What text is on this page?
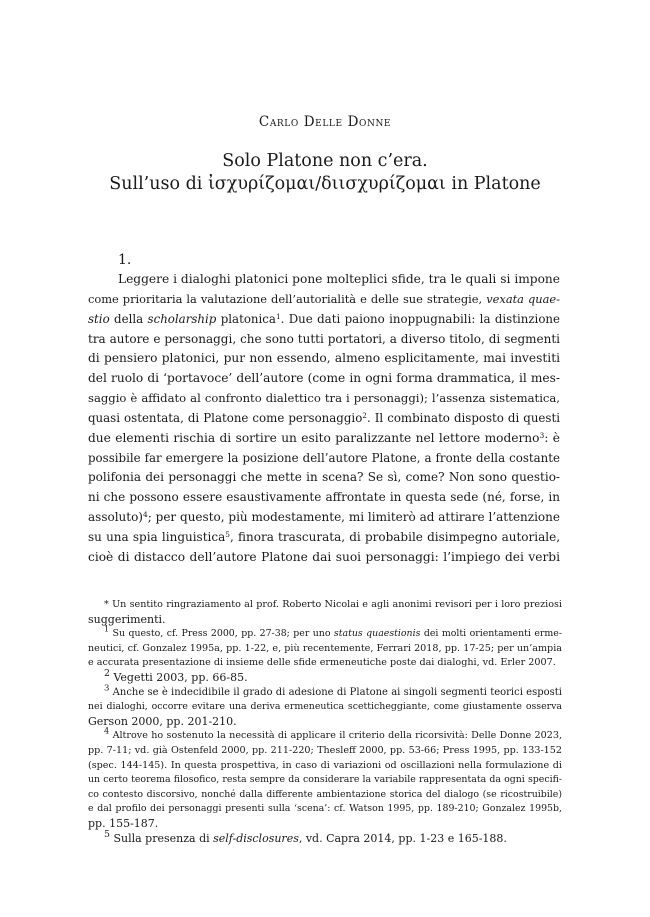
Carlo Delle Donne
Solo Platone non c’era.
Sull’uso di ἰσχυρίζομαι/διισχυρίζομαι in Platone
1.
Leggere i dialoghi platonici pone molteplici sfide, tra le quali si impone
come prioritaria la valutazione dell’autorialità e delle sue strategie, vexata quae-
stio della scholarship platonica$^1$. Due dati paiono inoppugnabili: la distinzione
tra autore e personaggi, che sono tutti portatori, a diverso titolo, di segmenti
di pensiero platonici, pur non essendo, almeno esplicitamente, mai investiti
del ruolo di ‘portavoce’ dell’autore (come in ogni forma drammatica, il mes-
saggio è affidato al confronto dialettico tra i personaggi); l’assenza sistematica,
quasi ostentata, di Platone come personaggio$^2$. Il combinato disposto di questi
due elementi rischia di sortire un esito paralizzante nel lettore moderno$^3$: è
possibile far emergere la posizione dell’autore Platone, a fronte della costante
polifonia dei personaggi che mette in scena? Se sì, come? Non sono questio-
ni che possono essere esaustivamente affrontate in questa sede (né, forse, in
assoluto)$^4$; per questo, più modestamente, mi limiterò ad attirare l’attenzione
su una spia linguistica$^5$, finora trascurata, di probabile disimpegno autoriale,
cioè di distacco dell’autore Platone dai suoi personaggi: l’impiego dei verbi
* Un sentito ringraziamento al prof. Roberto Nicolai e agli anonimi revisori per i loro preziosi
suggerimenti.
$^1$ Su questo, cf. Press 2000, pp. 27-38; per uno status quaestionis dei molti orientamenti erme-
neutici, cf. Gonzalez 1995a, pp. 1-22, e, più recentemente, Ferrari 2018, pp. 17-25; per un’ampia
e accurata presentazione di insieme delle sfide ermeneutiche poste dai dialoghi, vd. Erler 2007.
$^2$ Vegetti 2003, pp. 66-85.
$^3$ Anche se è indecidibile il grado di adesione di Platone ai singoli segmenti teorici esposti
nei dialoghi, occorre evitare una deriva ermeneutica scetticheggiante, come giustamente osserva
Gerson 2000, pp. 201-210.
$^4$ Altrove ho sostenuto la necessità di applicare il criterio della ricorsività: Delle Donne 2023,
pp. 7-11; vd. già Ostenfeld 2000, pp. 211-220; Thesleff 2000, pp. 53-66; Press 1995, pp. 133-152
(spec. 144-145). In questa prospettiva, in caso di variazioni od oscillazioni nella formulazione di
un certo teorema filosofico, resta sempre da considerare la variabile rappresentata da ogni specifi-
co contesto discorsivo, nonché dalla differente ambientazione storica del dialogo (se ricostruibile)
e dal profilo dei personaggi presenti sulla ‘scena’: cf. Watson 1995, pp. 189-210; Gonzalez 1995b,
pp. 155-187.
$^5$ Sulla presenza di self-disclosures, vd. Capra 2014, pp. 1-23 e 165-188.
